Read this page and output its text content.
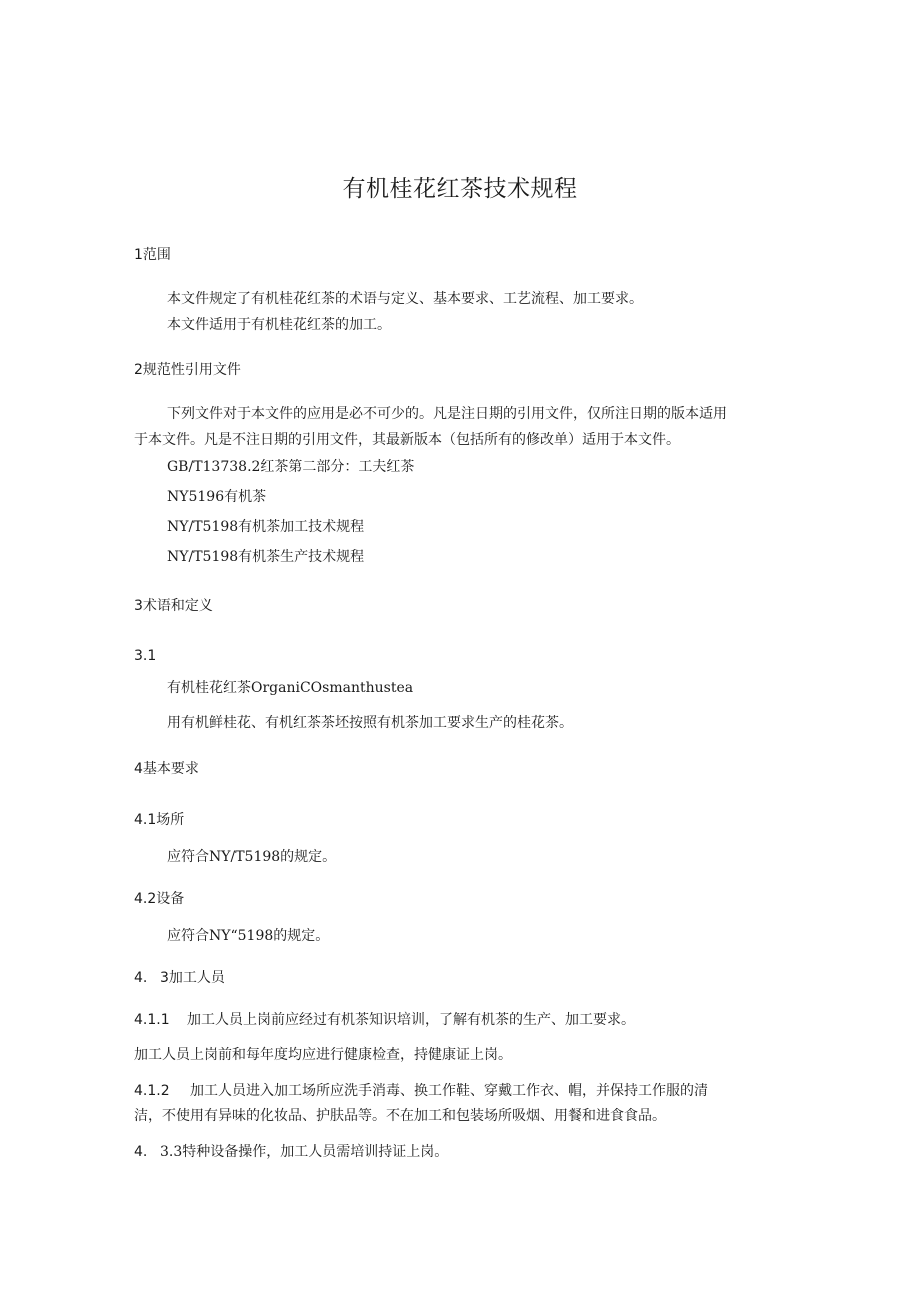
有机桂花红茶技术规程
1范围
本文件规定了有机桂花红茶的术语与定义、基本要求、工艺流程、加工要求。
本文件适用于有机桂花红茶的加工。
2规范性引用文件
下列文件对于本文件的应用是必不可少的。凡是注日期的引用文件，仅所注日期的版本适用
于本文件。凡是不注日期的引用文件，其最新版本（包括所有的修改单）适用于本文件。
GB/T13738.2红茶第二部分：工夫红茶
NY5196有机茶
NY/T5198有机茶加工技术规程
NY/T5198有机茶生产技术规程
3术语和定义
3.1
有机桂花红茶OrganiCOsmanthustea
用有机鲜桂花、有机红茶茶坯按照有机茶加工要求生产的桂花茶。
4基本要求
4.1场所
应符合NY/T5198的规定。
4.2设备
应符合NY“5198的规定。
4. 3加工人员
4.1.1 加工人员上岗前应经过有机茶知识培训，了解有机茶的生产、加工要求。
加工人员上岗前和每年度均应进行健康检查，持健康证上岗。
4.1.2 加工人员进入加工场所应洗手消毒、换工作鞋、穿戴工作衣、帽，并保持工作服的清
洁，不使用有异味的化妆品、护肤品等。不在加工和包装场所吸烟、用餐和进食食品。
4. 3.3特种设备操作，加工人员需培训持证上岗。
